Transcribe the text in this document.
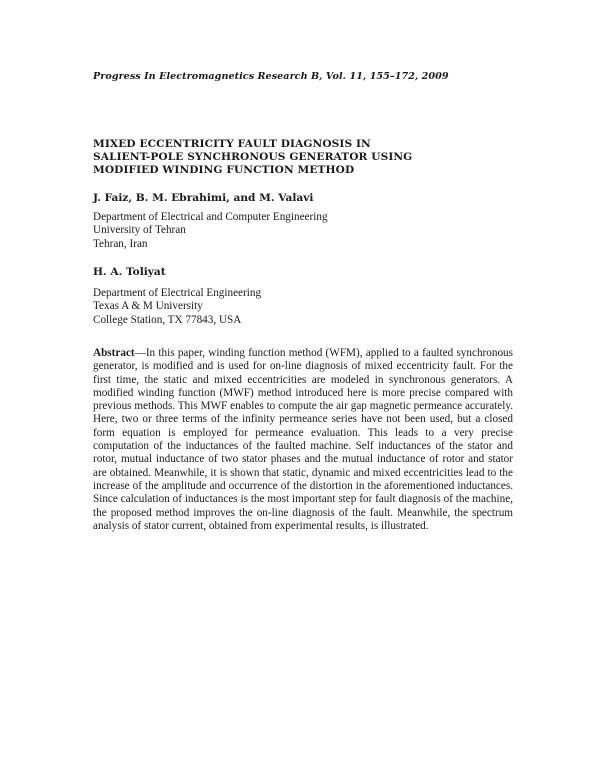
Progress In Electromagnetics Research B, Vol. 11, 155–172, 2009
MIXED ECCENTRICITY FAULT DIAGNOSIS IN
SALIENT-POLE SYNCHRONOUS GENERATOR USING
MODIFIED WINDING FUNCTION METHOD
J. Faiz, B. M. Ebrahimi, and M. Valavi
Department of Electrical and Computer Engineering
University of Tehran
Tehran, Iran
H. A. Toliyat
Department of Electrical Engineering
Texas A & M University
College Station, TX 77843, USA
Abstract—In this paper, winding function method (WFM), applied to a faulted synchronous generator, is modified and is used for on-line diagnosis of mixed eccentricity fault. For the first time, the static and mixed eccentricities are modeled in synchronous generators. A modified winding function (MWF) method introduced here is more precise compared with previous methods. This MWF enables to compute the air gap magnetic permeance accurately. Here, two or three terms of the infinity permeance series have not been used, but a closed form equation is employed for permeance evaluation. This leads to a very precise computation of the inductances of the faulted machine. Self inductances of the stator and rotor, mutual inductance of two stator phases and the mutual inductance of rotor and stator are obtained. Meanwhile, it is shown that static, dynamic and mixed eccentricities lead to the increase of the amplitude and occurrence of the distortion in the aforementioned inductances. Since calculation of inductances is the most important step for fault diagnosis of the machine, the proposed method improves the on-line diagnosis of the fault. Meanwhile, the spectrum analysis of stator current, obtained from experimental results, is illustrated.
